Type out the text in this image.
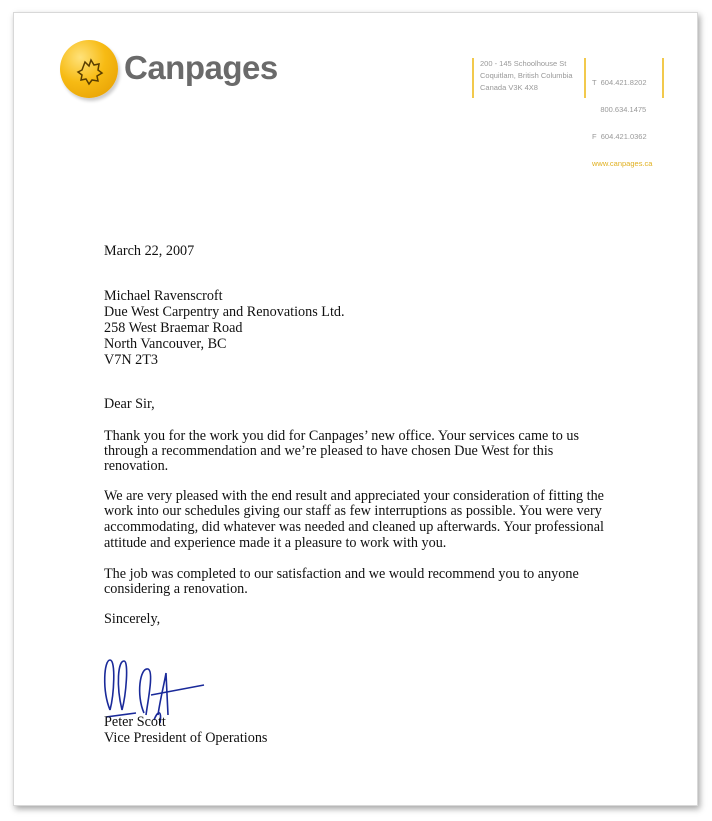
Canpages	200 - 145 Schoolhouse St
Coquitlam, British Columbia
Canada V3K 4X8

T  604.421.8202

800.634.1475

F  604.421.0362

www.canpages.ca

March 22, 2007
Michael Ravenscroft
Due West Carpentry and Renovations Ltd.
258 West Braemar Road
North Vancouver, BC
V7N 2T3
Dear Sir,
Thank you for the work you did for Canpages’ new office. Your services came to us
through a recommendation and we’re pleased to have chosen Due West for this
renovation.
We are very pleased with the end result and appreciated your consideration of fitting the
work into our schedules giving our staff as few interruptions as possible. You were very
accommodating, did whatever was needed and cleaned up afterwards. Your professional
attitude and experience made it a pleasure to work with you.
The job was completed to our satisfaction and we would recommend you to anyone
considering a renovation.
Sincerely,
Peter Scott
Vice President of Operations
